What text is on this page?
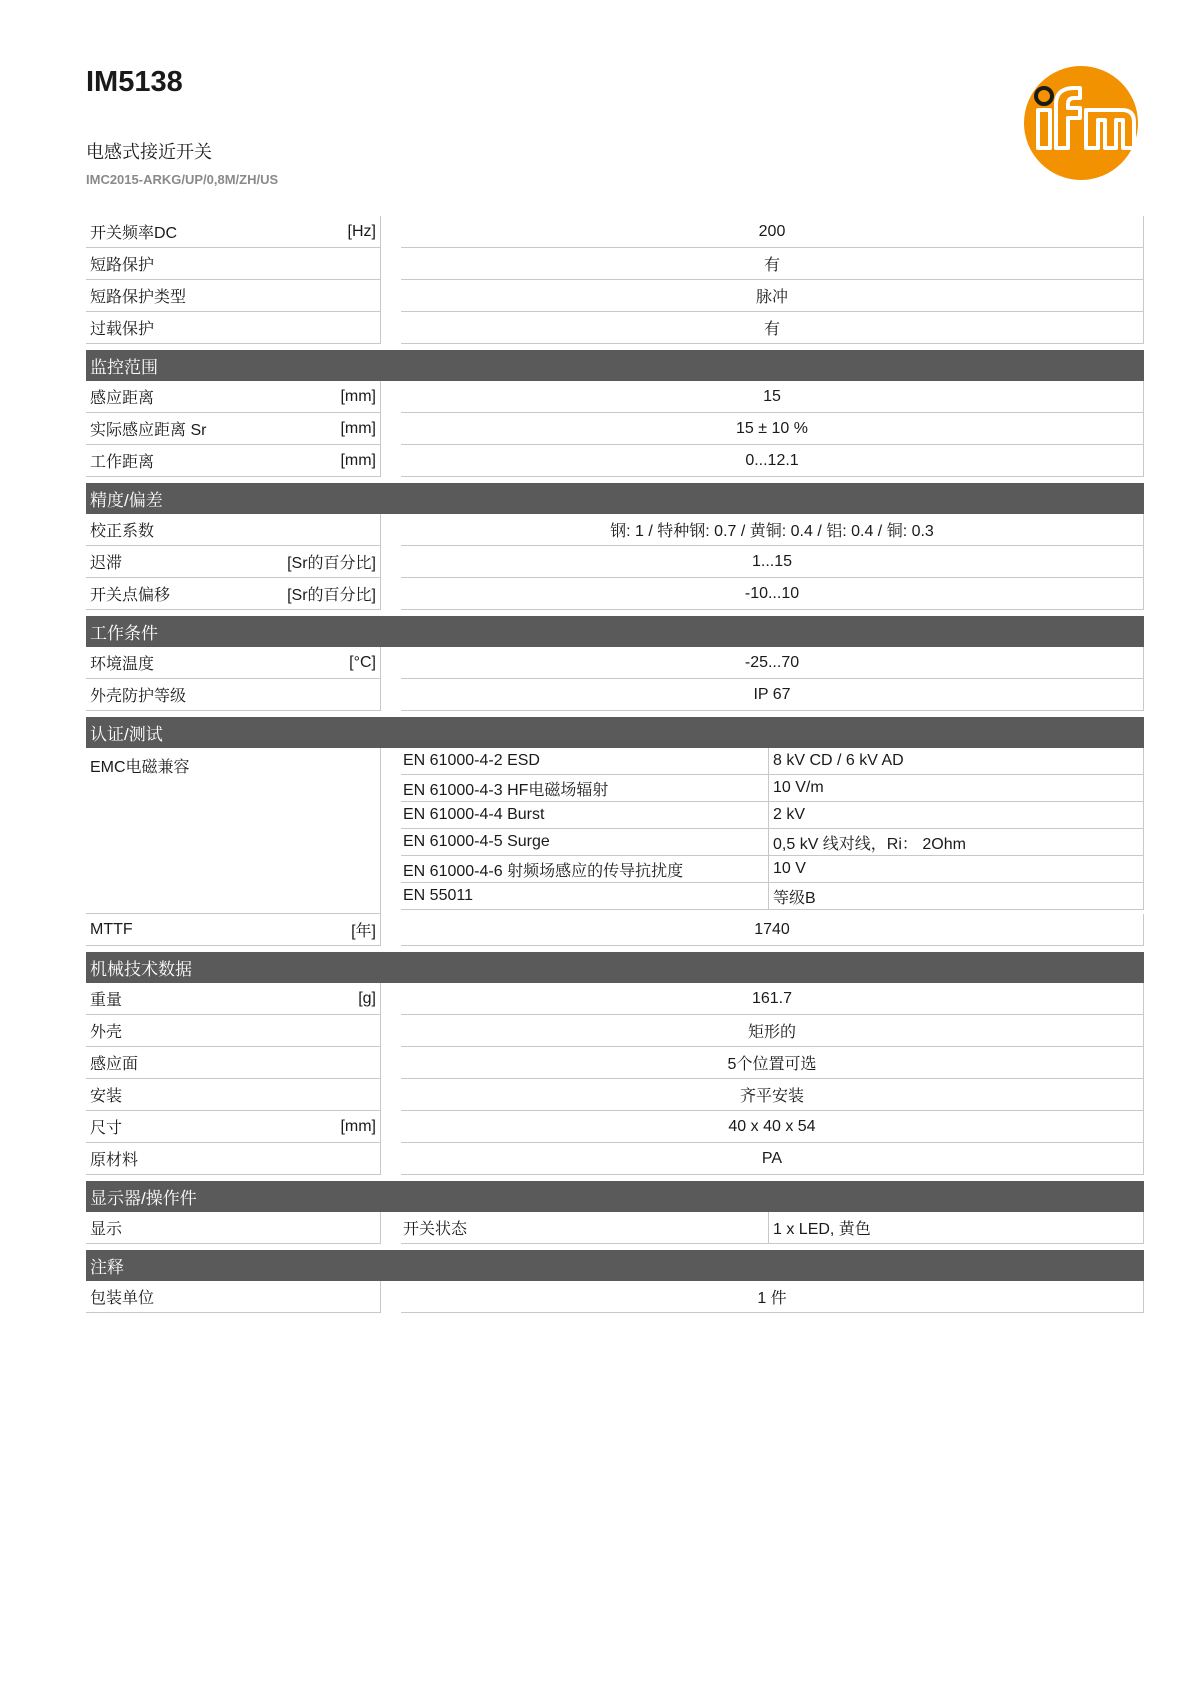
IM5138
电感式接近开关
IMC2015-ARKG/UP/0,8M/ZH/US	ifm
开关频率DC	[Hz]	200
短路保护	有
短路保护类型	脉冲
过载保护	有
监控范围
感应距离	[mm]	15
实际感应距离 Sr	[mm]	15 ± 10 %
工作距离	[mm]	0...12.1
精度/偏差
校正系数	钢: 1 / 特种钢: 0.7 / 黄铜: 0.4 / 铝: 0.4 / 铜: 0.3
迟滞	[Sr的百分比]	1...15
开关点偏移	[Sr的百分比]	-10...10
工作条件
环境温度	[°C]	-25...70
外壳防护等级	IP 67
认证/测试
EMC电磁兼容	EN 61000-4-2 ESD	8 kV CD / 6 kV AD
EN 61000-4-3 HF电磁场辐射	10 V/m
EN 61000-4-4 Burst	2 kV
EN 61000-4-5 Surge	0,5 kV 线对线，Ri： 2Ohm
EN 61000-4-6 射频场感应的传导抗扰度	10 V
EN 55011	等级B
MTTF	[年]	1740
机械技术数据
重量	[g]	161.7
外壳	矩形的
感应面	5个位置可选
安装	齐平安装
尺寸	[mm]	40 x 40 x 54
原材料	PA
显示器/操作件
显示	开关状态	1 x LED, 黄色
注释
包装单位	1 件
